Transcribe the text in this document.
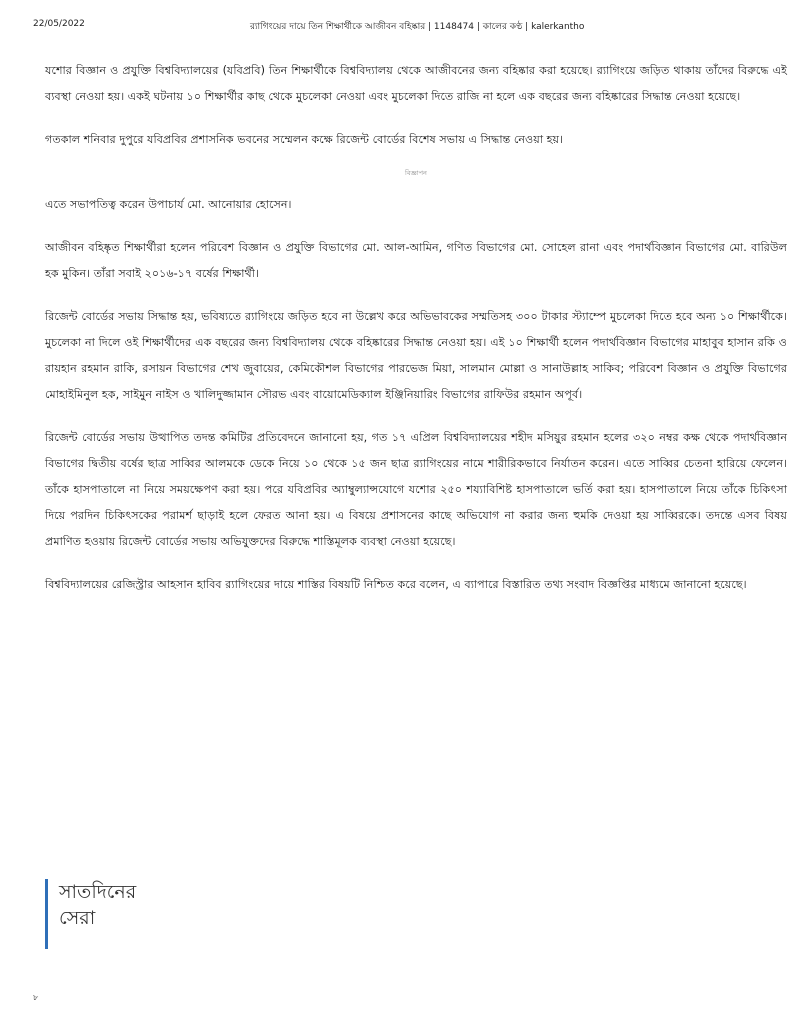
22/05/2022	র‍্যাগিংয়ের দায়ে তিন শিক্ষার্থীকে আজীবন বহিষ্কার | 1148474 | কালের কণ্ঠ | kalerkantho

যশোর বিজ্ঞান ও প্রযুক্তি বিশ্ববিদ্যালয়ের (যবিপ্রবি) তিন শিক্ষার্থীকে বিশ্ববিদ্যালয় থেকে আজীবনের জন্য বহিষ্কার করা হয়েছে। র‍্যাগিংয়ে জড়িত থাকায় তাঁদের বিরুদ্ধে এই ব্যবস্থা নেওয়া হয়। একই ঘটনায় ১০ শিক্ষার্থীর কাছ থেকে মুচলেকা নেওয়া এবং মুচলেকা দিতে রাজি না হলে এক বছরের জন্য বহিষ্কারের সিদ্ধান্ত নেওয়া হয়েছে।

গতকাল শনিবার দুপুরে যবিপ্রবির প্রশাসনিক ভবনের সম্মেলন কক্ষে রিজেন্ট বোর্ডের বিশেষ সভায় এ সিদ্ধান্ত নেওয়া হয়।

বিজ্ঞাপন

এতে সভাপতিত্ব করেন উপাচার্য মো. আনোয়ার হোসেন।

আজীবন বহিষ্কৃত শিক্ষার্থীরা হলেন পরিবেশ বিজ্ঞান ও প্রযুক্তি বিভাগের মো. আল-আমিন, গণিত বিভাগের মো. সোহেল রানা এবং পদার্থবিজ্ঞান বিভাগের মো. বারিউল হক মুকিন। তাঁরা সবাই ২০১৬-১৭ বর্ষের শিক্ষার্থী।

রিজেন্ট বোর্ডের সভায় সিদ্ধান্ত হয়, ভবিষ্যতে র‍্যাগিংয়ে জড়িত হবে না উল্লেখ করে অভিভাবকের সম্মতিসহ ৩০০ টাকার স্ট্যাম্পে মুচলেকা দিতে হবে অন্য ১০ শিক্ষার্থীকে। মুচলেকা না দিলে ওই শিক্ষার্থীদের এক বছরের জন্য বিশ্ববিদ্যালয় থেকে বহিষ্কারের সিদ্ধান্ত নেওয়া হয়। এই ১০ শিক্ষার্থী হলেন পদার্থবিজ্ঞান বিভাগের মাহাবুব হাসান রকি ও রায়হান রহমান রাকি, রসায়ন বিভাগের শেখ জুবায়ের, কেমিকৌশল বিভাগের পারভেজ মিয়া, সালমান মোল্লা ও সানাউল্লাহ সাকিব; পরিবেশ বিজ্ঞান ও প্রযুক্তি বিভাগের মোহাইমিনুল হক, সাইমুন নাইস ও খালিদুজ্জামান সৌরভ এবং বায়োমেডিক্যাল ইঞ্জিনিয়ারিং বিভাগের রাফিউর রহমান অপূর্ব।

রিজেন্ট বোর্ডের সভায় উত্থাপিত তদন্ত কমিটির প্রতিবেদনে জানানো হয়, গত ১৭ এপ্রিল বিশ্ববিদ্যালয়ের শহীদ মসিয়ুর রহমান হলের ৩২০ নম্বর কক্ষ থেকে পদার্থবিজ্ঞান বিভাগের দ্বিতীয় বর্ষের ছাত্র সাব্বির আলমকে ডেকে নিয়ে ১০ থেকে ১৫ জন ছাত্র র‍্যাগিংয়ের নামে শারীরিকভাবে নির্যাতন করেন। এতে সাব্বির চেতনা হারিয়ে ফেলেন। তাঁকে হাসপাতালে না নিয়ে সময়ক্ষেপণ করা হয়। পরে যবিপ্রবির অ্যাম্বুল্যান্সযোগে যশোর ২৫০ শয্যাবিশিষ্ট হাসপাতালে ভর্তি করা হয়। হাসপাতালে নিয়ে তাঁকে চিকিৎসা দিয়ে পরদিন চিকিৎসকের পরামর্শ ছাড়াই হলে ফেরত আনা হয়। এ বিষয়ে প্রশাসনের কাছে অভিযোগ না করার জন্য হুমকি দেওয়া হয় সাব্বিরকে। তদন্তে এসব বিষয় প্রমাণিত হওয়ায় রিজেন্ট বোর্ডের সভায় অভিযুক্তদের বিরুদ্ধে শাস্তিমূলক ব্যবস্থা নেওয়া হয়েছে।

বিশ্ববিদ্যালয়ের রেজিস্ট্রার আহসান হাবিব র‍্যাগিংয়ের দায়ে শাস্তির বিষয়টি নিশ্চিত করে বলেন, এ ব্যাপারে বিস্তারিত তথ্য সংবাদ বিজ্ঞপ্তির মাধ্যমে জানানো হয়েছে।

সাতদিনের
সেরা
৮
